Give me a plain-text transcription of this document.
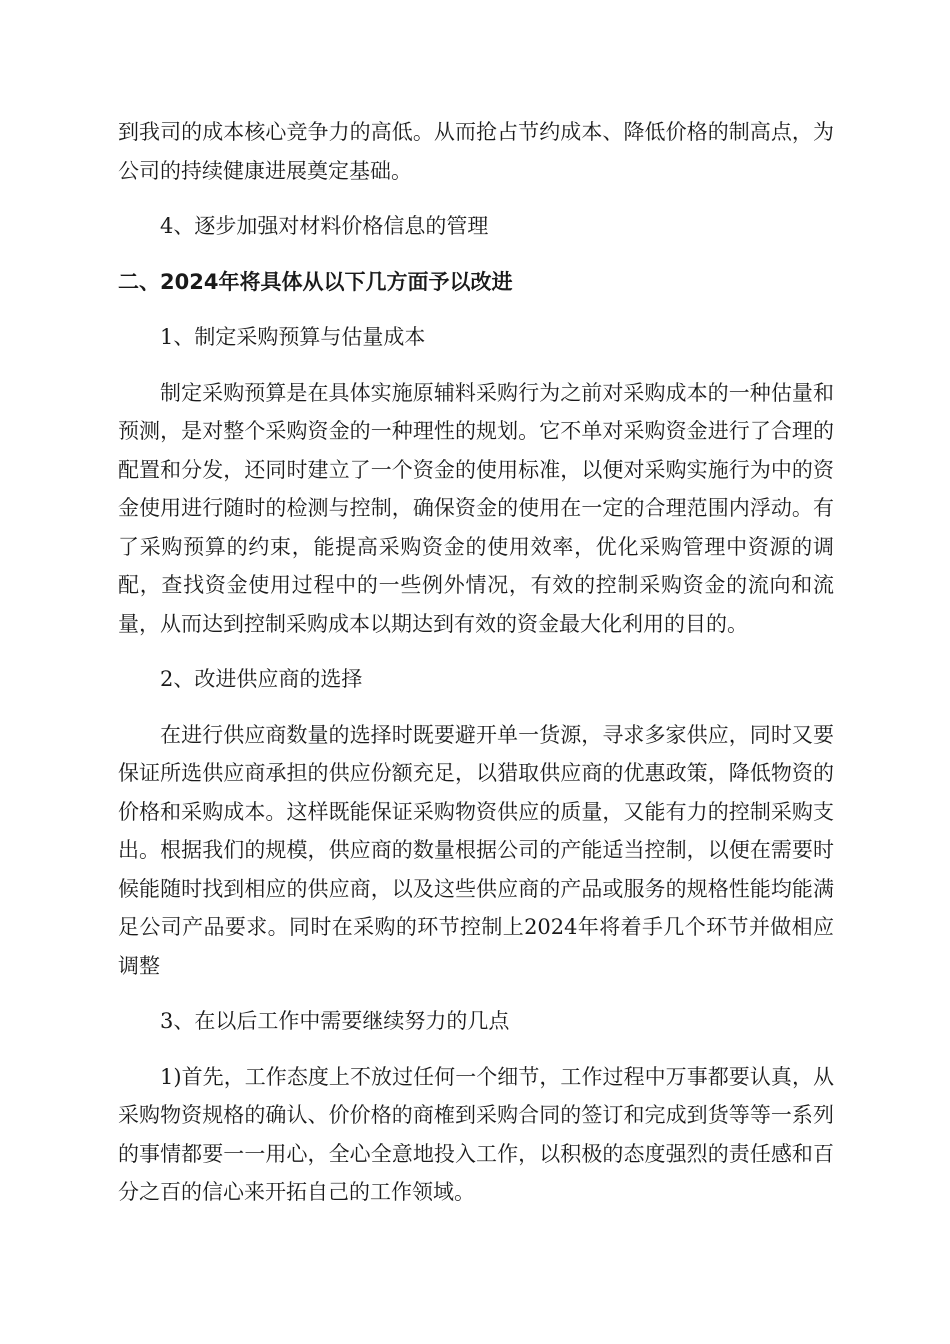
到我司的成本核心竞争力的高低。从而抢占节约成本、降低价格的制高点，为公司的持续健康进展奠定基础。

4、逐步加强对材料价格信息的管理

二、2024年将具体从以下几方面予以改进

1、制定采购预算与估量成本

制定采购预算是在具体实施原辅料采购行为之前对采购成本的一种估量和预测，是对整个采购资金的一种理性的规划。它不单对采购资金进行了合理的配置和分发，还同时建立了一个资金的使用标准，以便对采购实施行为中的资金使用进行随时的检测与控制，确保资金的使用在一定的合理范围内浮动。有了采购预算的约束，能提高采购资金的使用效率，优化采购管理中资源的调配，查找资金使用过程中的一些例外情况，有效的控制采购资金的流向和流量，从而达到控制采购成本以期达到有效的资金最大化利用的目的。

2、改进供应商的选择

在进行供应商数量的选择时既要避开单一货源，寻求多家供应，同时又要保证所选供应商承担的供应份额充足，以猎取供应商的优惠政策，降低物资的价格和采购成本。这样既能保证采购物资供应的质量，又能有力的控制采购支出。根据我们的规模，供应商的数量根据公司的产能适当控制，以便在需要时候能随时找到相应的供应商，以及这些供应商的产品或服务的规格性能均能满足公司产品要求。同时在采购的环节控制上2024年将着手几个环节并做相应调整

3、在以后工作中需要继续努力的几点

1)首先，工作态度上不放过任何一个细节，工作过程中万事都要认真，从采购物资规格的确认、价价格的商榷到采购合同的签订和完成到货等等一系列的事情都要一一用心，全心全意地投入工作，以积极的态度强烈的责任感和百分之百的信心来开拓自己的工作领域。
